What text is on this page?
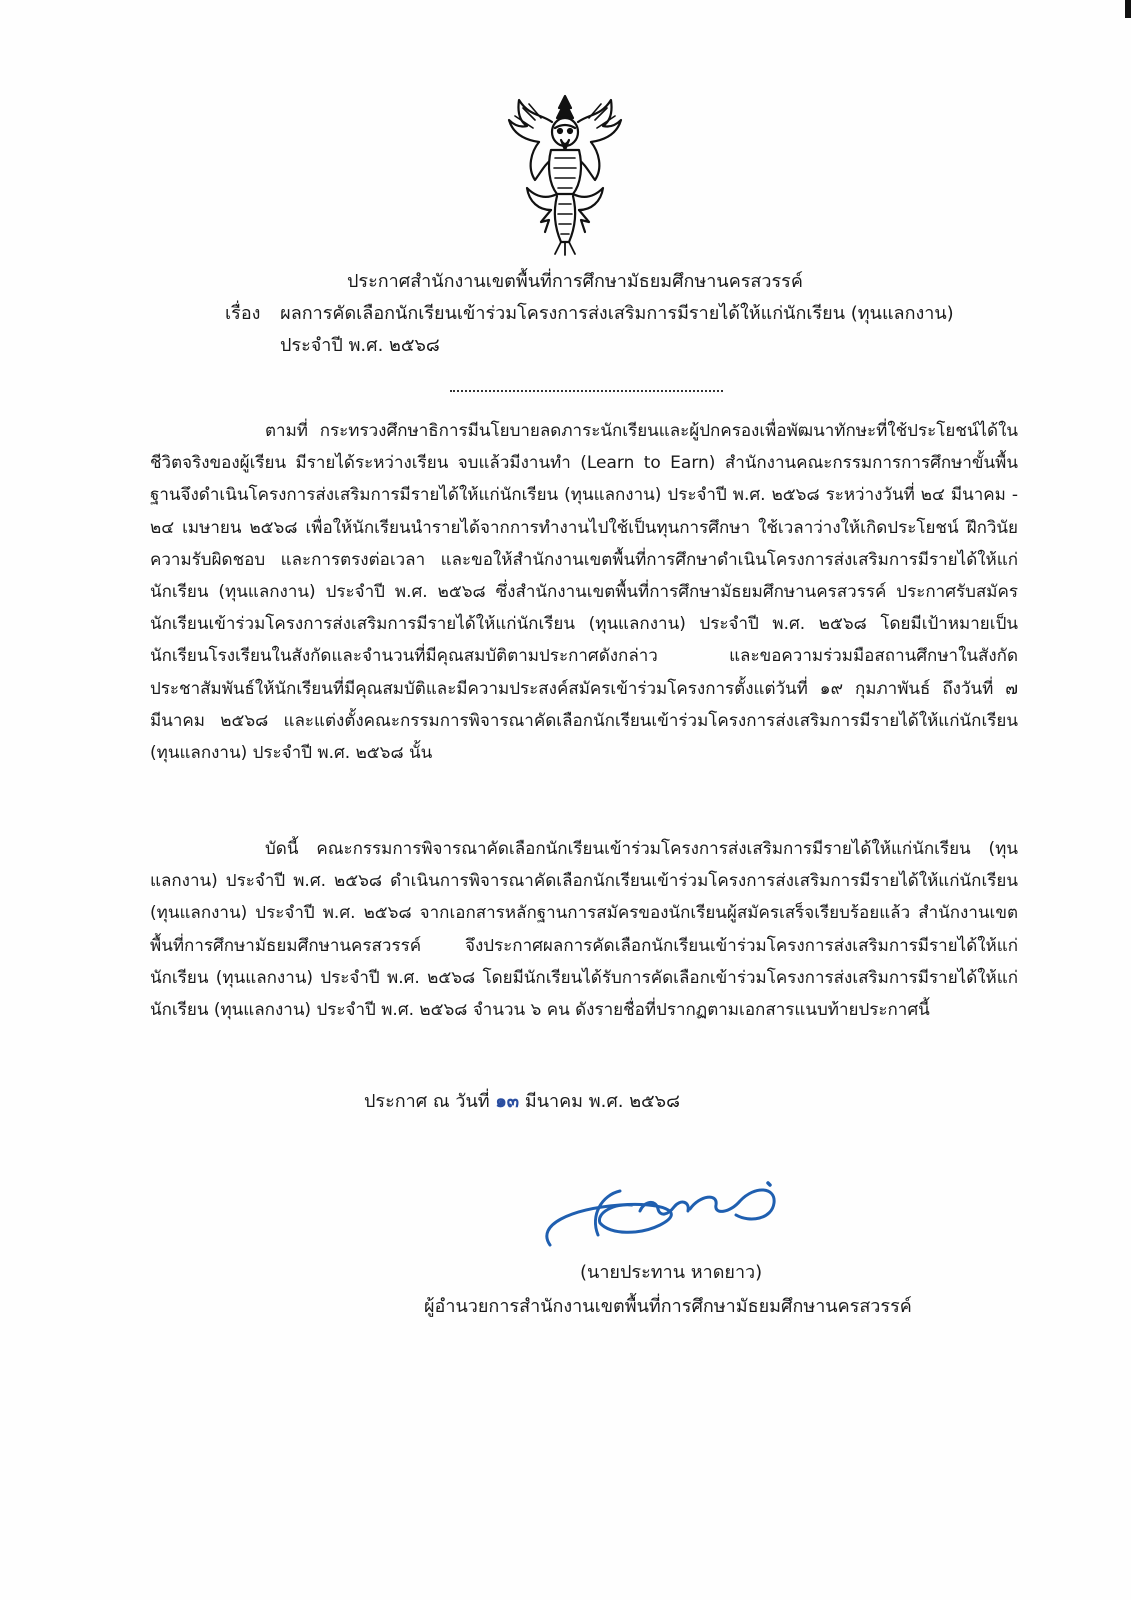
ประกาศสำนักงานเขตพื้นที่การศึกษามัธยมศึกษานครสวรรค์
เรื่อง ผลการคัดเลือกนักเรียนเข้าร่วมโครงการส่งเสริมการมีรายได้ให้แก่นักเรียน (ทุนแลกงาน)
ประจำปี พ.ศ. ๒๕๖๘

ตามที่ กระทรวงศึกษาธิการมีนโยบายลดภาระนักเรียนและผู้ปกครองเพื่อพัฒนาทักษะที่ใช้ประโยชน์ได้ในชีวิตจริงของผู้เรียน มีรายได้ระหว่างเรียน จบแล้วมีงานทำ (Learn to Earn) สำนักงานคณะกรรมการการศึกษาขั้นพื้นฐานจึงดำเนินโครงการส่งเสริมการมีรายได้ให้แก่นักเรียน (ทุนแลกงาน) ประจำปี พ.ศ. ๒๕๖๘ ระหว่างวันที่ ๒๔ มีนาคม - ๒๔ เมษายน ๒๕๖๘ เพื่อให้นักเรียนนำรายได้จากการทำงานไปใช้เป็นทุนการศึกษา ใช้เวลาว่างให้เกิดประโยชน์ ฝึกวินัย ความรับผิดชอบ และการตรงต่อเวลา และขอให้สำนักงานเขตพื้นที่การศึกษาดำเนินโครงการส่งเสริมการมีรายได้ให้แก่นักเรียน (ทุนแลกงาน) ประจำปี พ.ศ. ๒๕๖๘ ซึ่งสำนักงานเขตพื้นที่การศึกษามัธยมศึกษานครสวรรค์ ประกาศรับสมัครนักเรียนเข้าร่วมโครงการส่งเสริมการมีรายได้ให้แก่นักเรียน (ทุนแลกงาน) ประจำปี พ.ศ. ๒๕๖๘ โดยมีเป้าหมายเป็นนักเรียนโรงเรียนในสังกัดและจำนวนที่มีคุณสมบัติตามประกาศดังกล่าว และขอความร่วมมือสถานศึกษาในสังกัดประชาสัมพันธ์ให้นักเรียนที่มีคุณสมบัติและมีความประสงค์สมัครเข้าร่วมโครงการตั้งแต่วันที่ ๑๙ กุมภาพันธ์ ถึงวันที่ ๗ มีนาคม ๒๕๖๘ และแต่งตั้งคณะกรรมการพิจารณาคัดเลือกนักเรียนเข้าร่วมโครงการส่งเสริมการมีรายได้ให้แก่นักเรียน (ทุนแลกงาน) ประจำปี พ.ศ. ๒๕๖๘ นั้น

บัดนี้ คณะกรรมการพิจารณาคัดเลือกนักเรียนเข้าร่วมโครงการส่งเสริมการมีรายได้ให้แก่นักเรียน (ทุนแลกงาน) ประจำปี พ.ศ. ๒๕๖๘ ดำเนินการพิจารณาคัดเลือกนักเรียนเข้าร่วมโครงการส่งเสริมการมีรายได้ให้แก่นักเรียน (ทุนแลกงาน) ประจำปี พ.ศ. ๒๕๖๘ จากเอกสารหลักฐานการสมัครของนักเรียนผู้สมัครเสร็จเรียบร้อยแล้ว สำนักงานเขตพื้นที่การศึกษามัธยมศึกษานครสวรรค์ จึงประกาศผลการคัดเลือกนักเรียนเข้าร่วมโครงการส่งเสริมการมีรายได้ให้แก่นักเรียน (ทุนแลกงาน) ประจำปี พ.ศ. ๒๕๖๘ โดยมีนักเรียนได้รับการคัดเลือกเข้าร่วมโครงการส่งเสริมการมีรายได้ให้แก่นักเรียน (ทุนแลกงาน) ประจำปี พ.ศ. ๒๕๖๘ จำนวน ๖ คน ดังรายชื่อที่ปรากฏตามเอกสารแนบท้ายประกาศนี้

ประกาศ ณ วันที่ ๑๓ มีนาคม พ.ศ. ๒๕๖๘
(นายประทาน หาดยาว)
ผู้อำนวยการสำนักงานเขตพื้นที่การศึกษามัธยมศึกษานครสวรรค์
